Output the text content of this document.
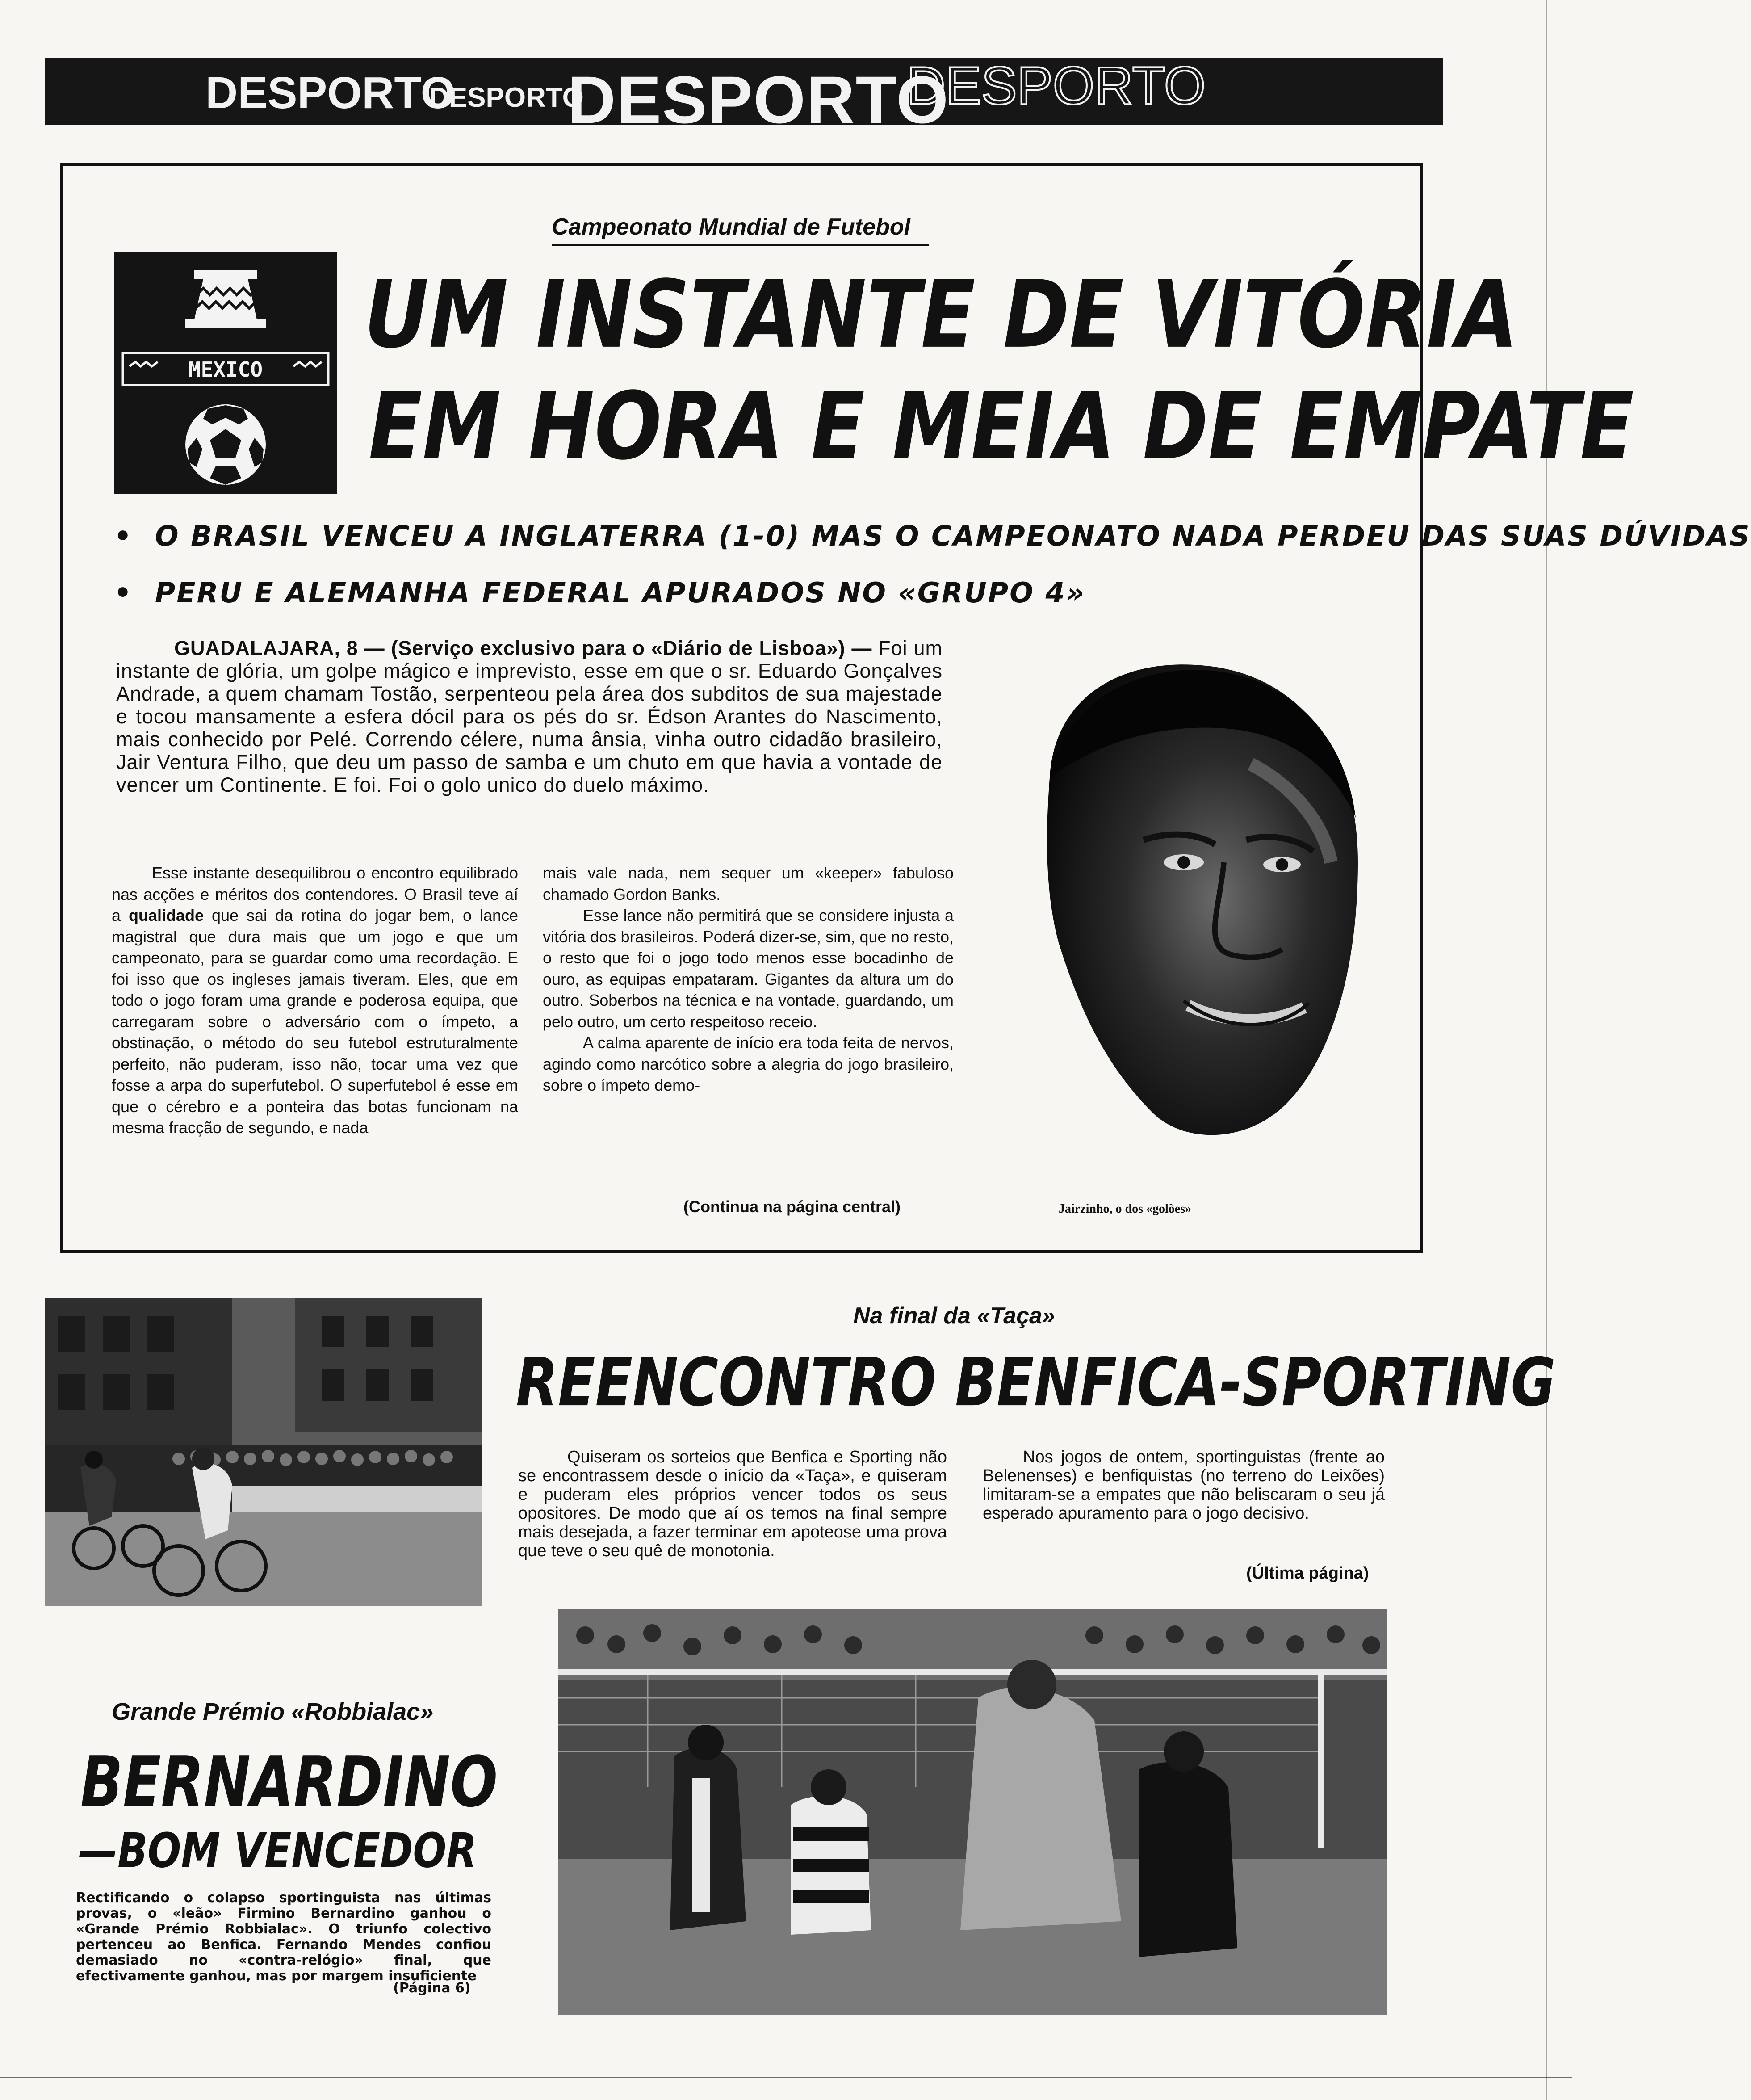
DESPORTO
DESPORTO
DESPORTO
DESPORTO
Campeonato Mundial de Futebol
MEXICO
UM INSTANTE DE VITÓRIA
EM HORA E MEIA DE EMPATE
•  O BRASIL VENCEU A INGLATERRA (1-0) MAS O CAMPEONATO NADA PERDEU DAS SUAS DÚVIDAS
•  PERU E ALEMANHA FEDERAL APURADOS NO «GRUPO 4»

GUADALAJARA, 8 — (Serviço exclusivo para o «Diário de Lisboa») — Foi um instante de glória, um golpe mágico e imprevisto, esse em que o sr. Eduardo Gonçalves Andrade, a quem chamam Tostão, serpenteou pela área dos subditos de sua majestade e tocou mansamente a esfera dócil para os pés do sr. Édson Arantes do Nascimento, mais conhecido por Pelé. Correndo célere, numa ânsia, vinha outro cidadão brasileiro, Jair Ventura Filho, que deu um passo de samba e um chuto em que havia a vontade de vencer um Continente. E foi. Foi o golo unico do duelo máximo.

Esse instante desequilibrou o encontro equilibrado nas acções e méritos dos contendores. O Brasil teve aí a qualidade que sai da rotina do jogar bem, o lance magistral que dura mais que um jogo e que um campeonato, para se guardar como uma recordação. E foi isso que os ingleses jamais tiveram. Eles, que em todo o jogo foram uma grande e poderosa equipa, que carregaram sobre o adversário com o ímpeto, a obstinação, o método do seu futebol estruturalmente perfeito, não puderam, isso não, tocar uma vez que fosse a arpa do superfutebol. O superfutebol é esse em que o cérebro e a ponteira das botas funcionam na mesma fracção de segundo, e nada

mais vale nada, nem sequer um «keeper» fabuloso chamado Gordon Banks.

Esse lance não permitirá que se considere injusta a vitória dos brasileiros. Poderá dizer-se, sim, que no resto, o resto que foi o jogo todo menos esse bocadinho de ouro, as equipas empataram. Gigantes da altura um do outro. Soberbos na técnica e na vontade, guardando, um pelo outro, um certo respeitoso receio.

A calma aparente de início era toda feita de nervos, agindo como narcótico sobre a alegria do jogo brasileiro, sobre o ímpeto demo-

(Continua na página central)	Jairzinho, o dos «golões»
Na final da «Taça»
REENCONTRO BENFICA-SPORTING

Quiseram os sorteios que Benfica e Sporting não se encontrassem desde o início da «Taça», e quiseram e puderam eles próprios vencer todos os seus opositores. De modo que aí os temos na final sempre mais desejada, a fazer terminar em apoteose uma prova que teve o seu quê de monotonia.

Nos jogos de ontem, sportinguistas (frente ao Belenenses) e benfiquistas (no terreno do Leixões) limitaram-se a empates que não beliscaram o seu já esperado apuramento para o jogo decisivo.

(Última página)
Grande Prémio «Robbialac»
BERNARDINO
—BOM VENCEDOR
Rectificando o colapso sportinguista nas últimas provas, o «leão» Firmino Bernardino ganhou o «Grande Prémio Robbialac». O triunfo colectivo pertenceu ao Benfica. Fernando Mendes confiou demasiado no «contra-relógio» final, que efectivamente ganhou, mas por margem insuficiente
(Página 6)
